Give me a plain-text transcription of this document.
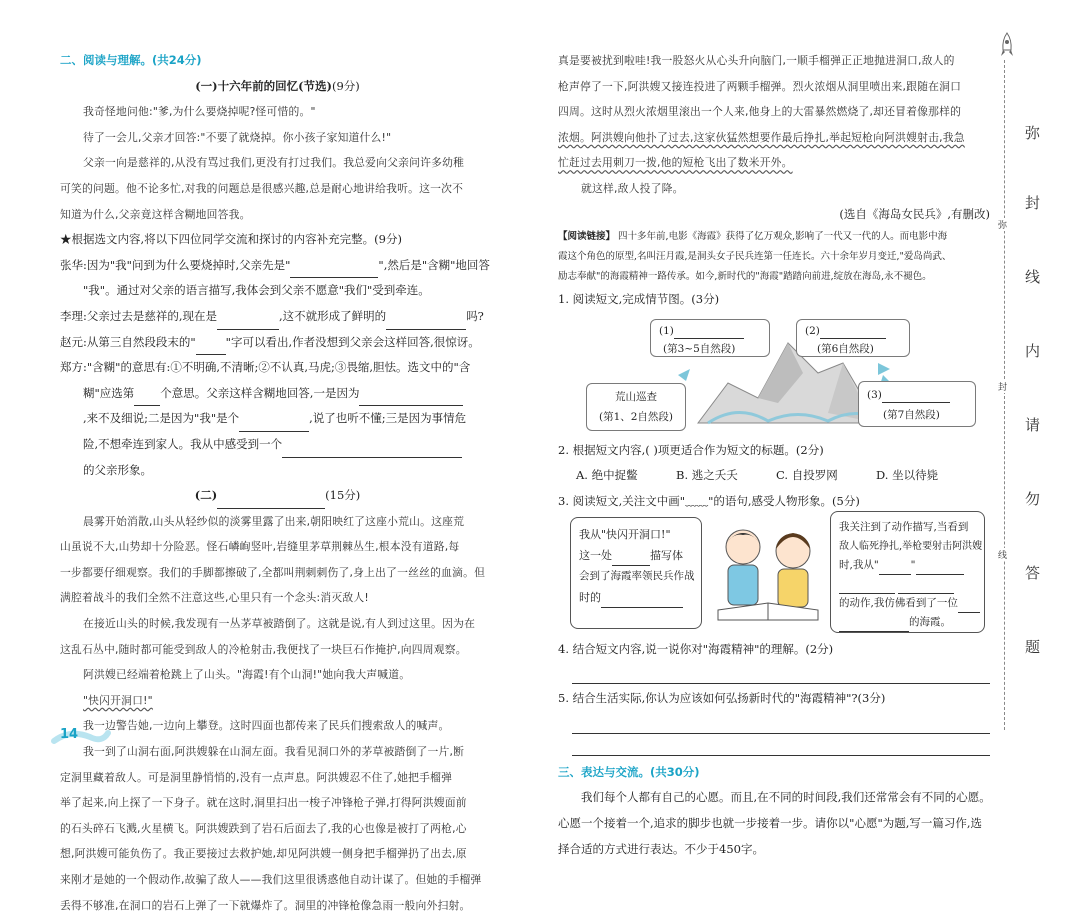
二、阅读与理解。(共24分)
(一)十六年前的回忆(节选)(9分)
我奇怪地问他:"爹,为什么要烧掉呢?怪可惜的。"
待了一会儿,父亲才回答:"不要了就烧掉。你小孩子家知道什么!"
父亲一向是慈祥的,从没有骂过我们,更没有打过我们。我总爱向父亲问许多幼稚
可笑的问题。他不论多忙,对我的问题总是很感兴趣,总是耐心地讲给我听。这一次不
知道为什么,父亲竟这样含糊地回答我。
★根据选文内容,将以下四位同学交流和探讨的内容补充完整。(9分)
张华:因为"我"问到为什么要烧掉时,父亲先是"	",然后是"含糊"地回答
"我"。通过对父亲的语言描写,我体会到父亲不愿意"我们"受到牵连。
李理:父亲过去是慈祥的,现在是	,这不就形成了鲜明的	吗?
赵元:从第三自然段段末的"	"字可以看出,作者没想到父亲会这样回答,很惊讶。
郑方:"含糊"的意思有:①不明确,不清晰;②不认真,马虎;③畏缩,胆怯。选文中的"含
糊"应选第 个意思。父亲这样含糊地回答,一是因为
,来不及细说;二是因为"我"是个	,说了也听不懂;三是因为事情危
险,不想牵连到家人。我从中感受到一个
的父亲形象。
(二)	(15分)
晨雾开始消散,山头从轻纱似的淡雾里露了出来,朝阳映红了这座小荒山。这座荒
山虽说不大,山势却十分险恶。怪石嶙峋竖叶,岩缝里茅草荆棘丛生,根本没有道路,每
一步都要仔细观察。我们的手脚都擦破了,全都叫荆刺刺伤了,身上出了一丝丝的血滴。但
满腔着战斗的我们全然不注意这些,心里只有一个念头:消灭敌人!
在接近山头的时候,我发现有一丛茅草被踏倒了。这就是说,有人到过这里。因为在
这乱石丛中,随时都可能受到敌人的冷枪射击,我便找了一块巨石作掩护,向四周观察。
阿洪嫂已经端着枪跳上了山头。"海霞!有个山洞!"她向我大声喊道。
"快闪开洞口!"
我一边警告她,一边向上攀登。这时四面也都传来了民兵们搜索敌人的喊声。
我一到了山洞右面,阿洪嫂躲在山洞左面。我看见洞口外的茅草被踏倒了一片,断
定洞里藏着敌人。可是洞里静悄悄的,没有一点声息。阿洪嫂忍不住了,她把手榴弹
举了起来,向上探了一下身子。就在这时,洞里扫出一梭子冲锋枪子弹,打得阿洪嫂面前
的石头碎石飞溅,火星横飞。阿洪嫂跌到了岩石后面去了,我的心也像是被打了两枪,心
想,阿洪嫂可能负伤了。我正要接过去救护她,却见阿洪嫂一侧身把手榴弹扔了出去,原
来刚才是她的一个假动作,故骗了敌人——我们这里很诱惑他自动计谋了。但她的手榴弹
丢得不够准,在洞口的岩石上弹了一下就爆炸了。洞里的冲锋枪像急雨一般向外扫射。
14
真是要被扰到啦哇!我一股怒火从心头升向脑门,一顺手榴弹正正地抛进洞口,敌人的
枪声停了一下,阿洪嫂又接连投进了两颗手榴弹。烈火浓烟从洞里喷出来,跟随在洞口
四周。这时从烈火浓烟里滚出一个人来,他身上的大雷暴然燃烧了,却还冒着像那样的
浓烟。阿洪嫂向他扑了过去,这家伙猛然想要作最后挣扎,举起短枪向阿洪嫂射击,我急
忙赶过去用刺刀一拨,他的短枪飞出了数米开外。
就这样,敌人投了降。
(选自《海岛女民兵》,有删改)
【阅读链接】 四十多年前,电影《海霞》获得了亿万观众,影响了一代又一代的人。而电影中海
霞这个角色的原型,名叫汪月霞,是洞头女子民兵连第一任连长。六十余年岁月变迁,"爱岛尚武、
励志奉献"的海霞精神一路传承。如今,新时代的"海霞"踏踏向前进,绽放在海岛,永不褪色。
1. 阅读短文,完成情节图。(3分)
(1)
(第3~5自然段)
(2)
(第6自然段)
荒山巡查
(第1、2自然段)
(3)
(第7自然段)
2. 根据短文内容,( )项更适合作为短文的标题。(2分)
A. 绝中捉鳖	B. 逃之夭夭	C. 自投罗网	D. 坐以待毙
3. 阅读短文,关注文中画"﹏﹏"的语句,感受人物形象。(5分)
我从"快闪开洞口!"
这一处	描写体
会到了海霞率领民兵作战
时的
我关注到了动作描写,当看到
敌人临死挣扎,举枪要射击阿洪嫂
时,我从"	"

的动作,我仿佛看到了一位
的海霞。
4. 结合短文内容,说一说你对"海霞精神"的理解。(2分)
5. 结合生活实际,你认为应该如何弘扬新时代的"海霞精神"?(3分)
三、表达与交流。(共30分)
我们每个人都有自己的心愿。而且,在不同的时间段,我们还常常会有不同的心愿。
心愿一个接着一个,追求的脚步也就一步接着一步。请你以"心愿"为题,写一篇习作,选
择合适的方式进行表达。不少于450字。
弥
封
线
弥
封
线
内
请
勿
答
题
